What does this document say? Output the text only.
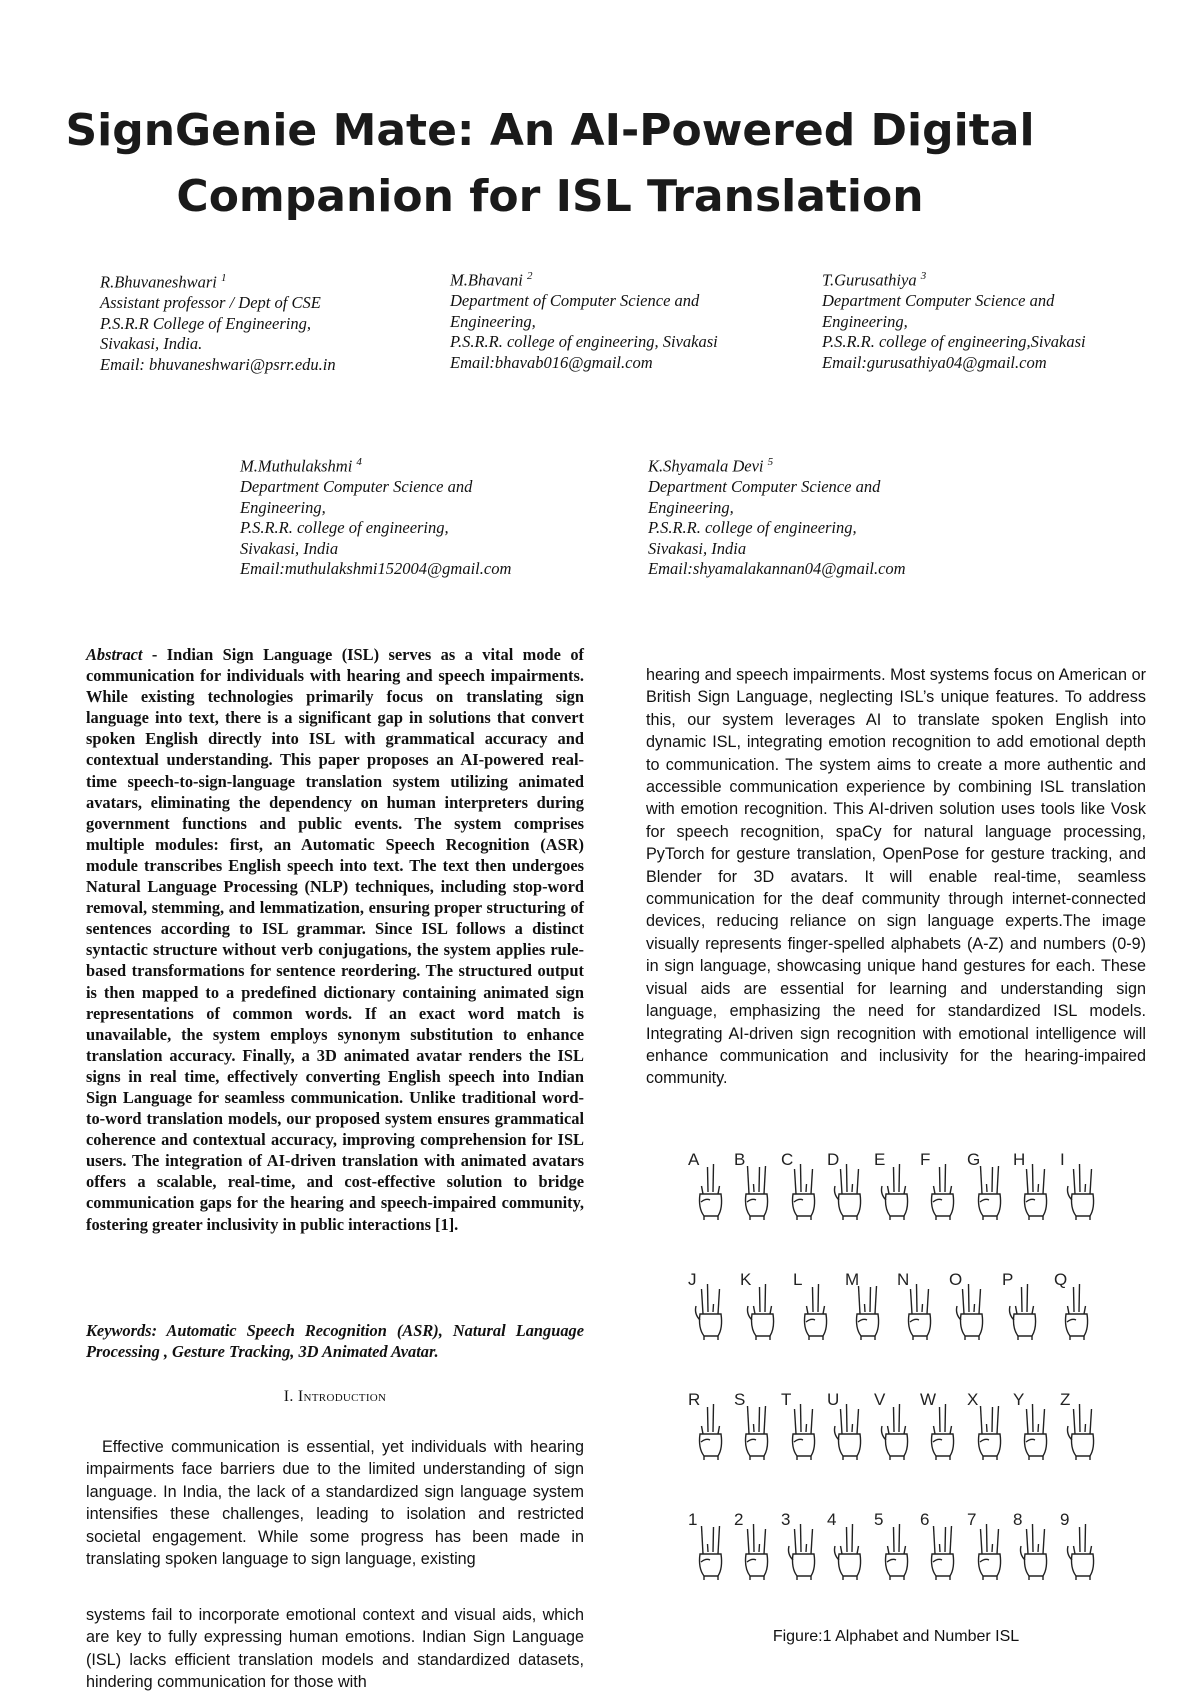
SignGenie Mate: An AI-Powered Digital
Companion for ISL Translation
R.Bhuvaneshwari $^1$
Assistant professor / Dept of CSE
P.S.R.R College of Engineering,
Sivakasi, India.
Email: bhuvaneshwari@psrr.edu.in
M.Bhavani $^2$
Department of Computer Science and
Engineering,
P.S.R.R. college of engineering, Sivakasi
Email:bhavab016@gmail.com
T.Gurusathiya $^3$
Department Computer Science and
Engineering,
P.S.R.R. college of engineering,Sivakasi
Email:gurusathiya04@gmail.com
M.Muthulakshmi $^4$
Department Computer Science and
Engineering,
P.S.R.R. college of engineering,
Sivakasi, India
Email:muthulakshmi152004@gmail.com
K.Shyamala Devi $^5$
Department Computer Science and
Engineering,
P.S.R.R. college of engineering,
Sivakasi, India
Email:shyamalakannan04@gmail.com
Abstract - Indian Sign Language (ISL) serves as a vital mode of communication for individuals with hearing and speech impairments. While existing technologies primarily focus on translating sign language into text, there is a significant gap in solutions that convert spoken English directly into ISL with grammatical accuracy and contextual understanding. This paper proposes an AI-powered real-time speech-to-sign-language translation system utilizing animated avatars, eliminating the dependency on human interpreters during government functions and public events. The system comprises multiple modules: first, an Automatic Speech Recognition (ASR) module transcribes English speech into text. The text then undergoes Natural Language Processing (NLP) techniques, including stop-word removal, stemming, and lemmatization, ensuring proper structuring of sentences according to ISL grammar. Since ISL follows a distinct syntactic structure without verb conjugations, the system applies rule-based transformations for sentence reordering. The structured output is then mapped to a predefined dictionary containing animated sign representations of common words. If an exact word match is unavailable, the system employs synonym substitution to enhance translation accuracy. Finally, a 3D animated avatar renders the ISL signs in real time, effectively converting English speech into Indian Sign Language for seamless communication. Unlike traditional word-to-word translation models, our proposed system ensures grammatical coherence and contextual accuracy, improving comprehension for ISL users. The integration of AI-driven translation with animated avatars offers a scalable, real-time, and cost-effective solution to bridge communication gaps for the hearing and speech-impaired community, fostering greater inclusivity in public interactions [1].
Keywords: Automatic Speech Recognition (ASR), Natural Language Processing , Gesture Tracking, 3D Animated Avatar.
I. Introduction
Effective communication is essential, yet individuals with hearing impairments face barriers due to the limited understanding of sign language. In India, the lack of a standardized sign language system intensifies these challenges, leading to isolation and restricted societal engagement. While some progress has been made in translating spoken language to sign language, existing
systems fail to incorporate emotional context and visual aids, which are key to fully expressing human emotions. Indian Sign Language (ISL) lacks efficient translation models and standardized datasets, hindering communication for those with
hearing and speech impairments. Most systems focus on American or British Sign Language, neglecting ISL’s unique features. To address this, our system leverages AI to translate spoken English into dynamic ISL, integrating emotion recognition to add emotional depth to communication. The system aims to create a more authentic and accessible communication experience by combining ISL translation with emotion recognition. This AI-driven solution uses tools like Vosk for speech recognition, spaCy for natural language processing, PyTorch for gesture translation, OpenPose for gesture tracking, and Blender for 3D avatars. It will enable real-time, seamless communication for the deaf community through internet-connected devices, reducing reliance on sign language experts.The image visually represents finger-spelled alphabets (A-Z) and numbers (0-9) in sign language, showcasing unique hand gestures for each. These visual aids are essential for learning and understanding sign language, emphasizing the need for standardized ISL models. Integrating AI-driven sign recognition with emotional intelligence will enhance communication and inclusivity for the hearing-impaired community.
A B C D E F G H I
J	K L	M N O P Q
R S T U V W X Y Z
1 2 3 4 5 6 7 8 9
Figure:1 Alphabet and Number ISL
